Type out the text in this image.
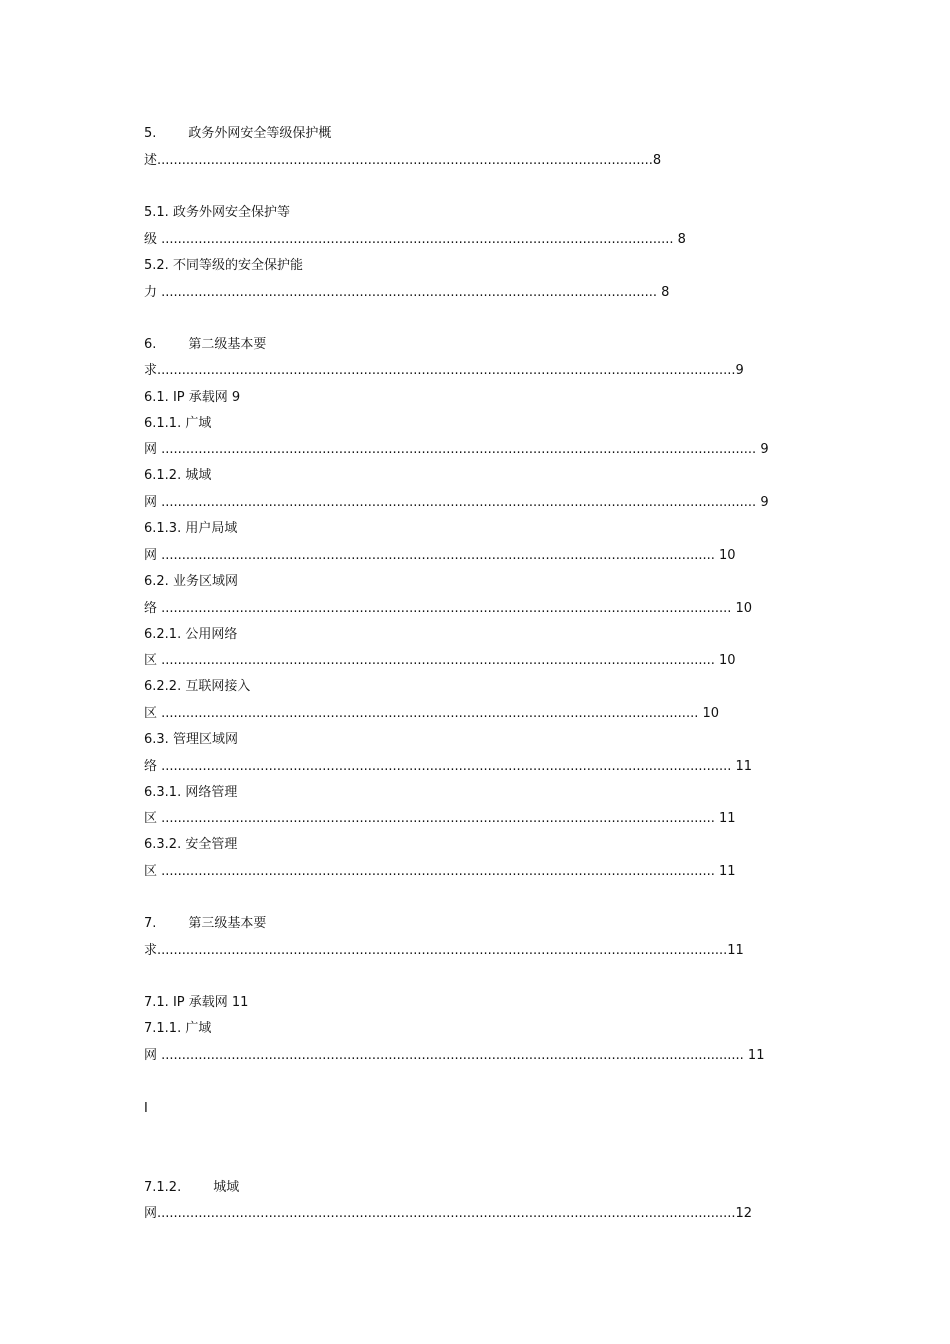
5. 政务外网安全等级保护概
述........................................................................................................................8
5.1. 政务外网安全保护等
级 ............................................................................................................................ 8
5.2. 不同等级的安全保护能
力 ........................................................................................................................ 8
6. 第二级基本要
求............................................................................................................................................9
6.1. IP 承载网 9
6.1.1. 广域
网 ................................................................................................................................................ 9
6.1.2. 城域
网 ................................................................................................................................................ 9
6.1.3. 用户局域
网 ...................................................................................................................................... 10
6.2. 业务区域网
络 .......................................................................................................................................... 10
6.2.1. 公用网络
区 ...................................................................................................................................... 10
6.2.2. 互联网接入
区 .................................................................................................................................. 10
6.3. 管理区域网
络 .......................................................................................................................................... 11
6.3.1. 网络管理
区 ...................................................................................................................................... 11
6.3.2. 安全管理
区 ...................................................................................................................................... 11
7. 第三级基本要
求..........................................................................................................................................11
7.1. IP 承载网 11
7.1.1. 广域
网 ............................................................................................................................................. 11
I
7.1.2. 城域
网............................................................................................................................................12
